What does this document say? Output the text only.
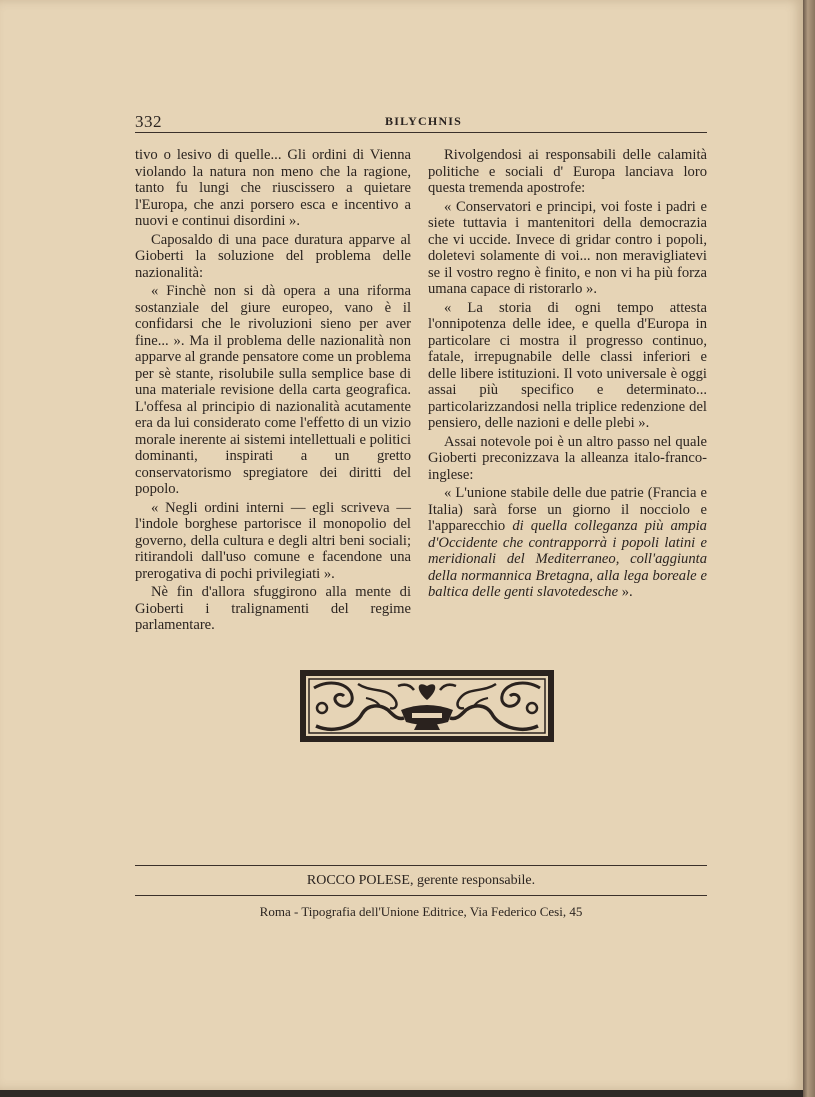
332	BILYCHNIS

tivo o lesivo di quelle... Gli ordini di Vienna violando la natura non meno che la ragione, tanto fu lungi che riuscissero a quietare l'Europa, che anzi porsero esca e incentivo a nuovi e continui disordini ».

Caposaldo di una pace duratura apparve al Gioberti la soluzione del problema delle nazionalità:

« Finchè non si dà opera a una riforma sostanziale del giure europeo, vano è il confidarsi che le rivoluzioni sieno per aver fine... ». Ma il problema delle nazionalità non apparve al grande pensatore come un problema per sè stante, risolubile sulla semplice base di una materiale revisione della carta geografica. L'offesa al principio di nazionalità acutamente era da lui considerato come l'effetto di un vizio morale inerente ai sistemi intellettuali e politici dominanti, inspirati a un gretto conservatorismo spregiatore dei diritti del popolo.

« Negli ordini interni — egli scriveva — l'indole borghese partorisce il monopolio del governo, della cultura e degli altri beni sociali; ritirandoli dall'uso comune e facendone una prerogativa di pochi privilegiati ».

Nè fin d'allora sfuggirono alla mente di Gioberti i tralignamenti del regime parlamentare.

Rivolgendosi ai responsabili delle calamità politiche e sociali d' Europa lanciava loro questa tremenda apostrofe:

« Conservatori e principi, voi foste i padri e siete tuttavia i mantenitori della democrazia che vi uccide. Invece di gridar contro i popoli, doletevi solamente di voi... non meravigliatevi se il vostro regno è finito, e non vi ha più forza umana capace di ristorarlo ».

« La storia di ogni tempo attesta l'onnipotenza delle idee, e quella d'Europa in particolare ci mostra il progresso continuo, fatale, irrepugnabile delle classi inferiori e delle libere istituzioni. Il voto universale è oggi assai più specifico e determinato... particolarizzandosi nella triplice redenzione del pensiero, delle nazioni e delle plebi ».

Assai notevole poi è un altro passo nel quale Gioberti preconizzava la alleanza italo-franco-inglese:

« L'unione stabile delle due patrie (Francia e Italia) sarà forse un giorno il nocciolo e l'apparecchio di quella colleganza più ampia d'Occidente che contrapporrà i popoli latini e meridionali del Mediterraneo, coll'aggiunta della normannica Bretagna, alla lega boreale e baltica delle genti slavotedesche ».

ROCCO POLESE, gerente responsabile.
Roma - Tipografia dell'Unione Editrice, Via Federico Cesi, 45
